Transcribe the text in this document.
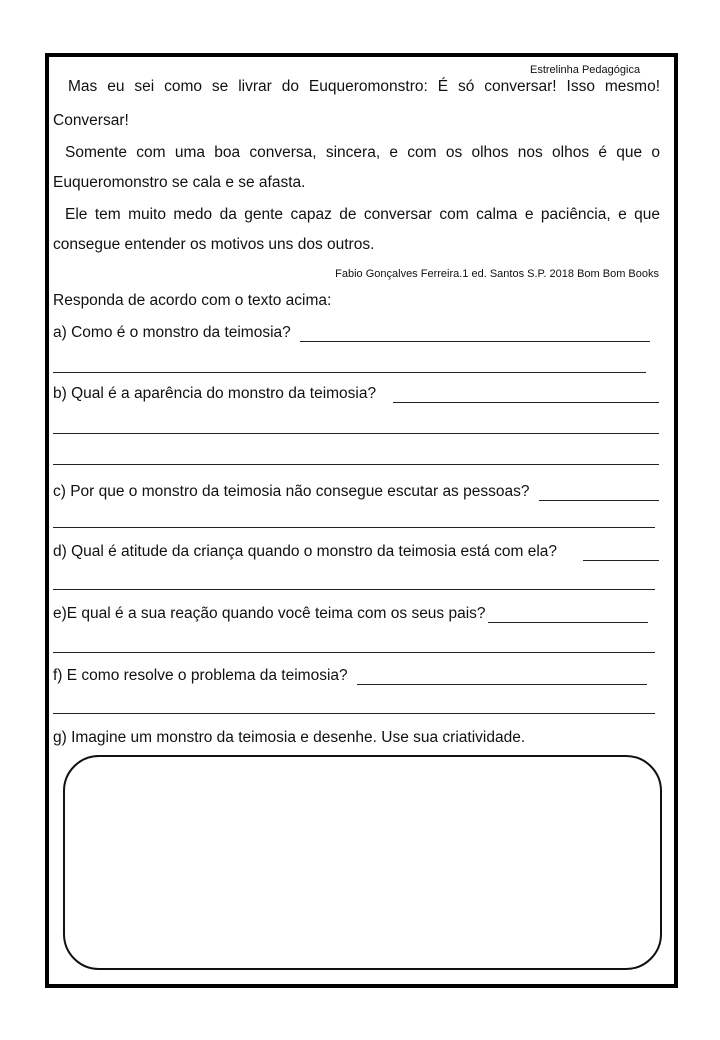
Estrelinha Pedagógica
Mas eu sei como se livrar do Euqueromonstro: É só conversar! Isso mesmo!
Conversar!
Somente com uma boa conversa, sincera, e com os olhos nos olhos é que o
Euqueromonstro se cala e se afasta.
Ele tem muito medo da gente capaz de conversar com calma e paciência, e que
consegue entender os motivos uns dos outros.
Fabio Gonçalves Ferreira.1 ed. Santos S.P. 2018 Bom Bom Books
Responda de acordo com o texto acima:
a) Como é o monstro da teimosia?
b) Qual é a aparência do monstro da teimosia?
c) Por que o monstro da teimosia não consegue escutar as pessoas?
d) Qual é atitude da criança quando o monstro da teimosia está com ela?
e)E qual é a sua reação quando você teima com os seus pais?
f) E como resolve o problema da teimosia?
g) Imagine um monstro da teimosia e desenhe. Use sua criatividade.
